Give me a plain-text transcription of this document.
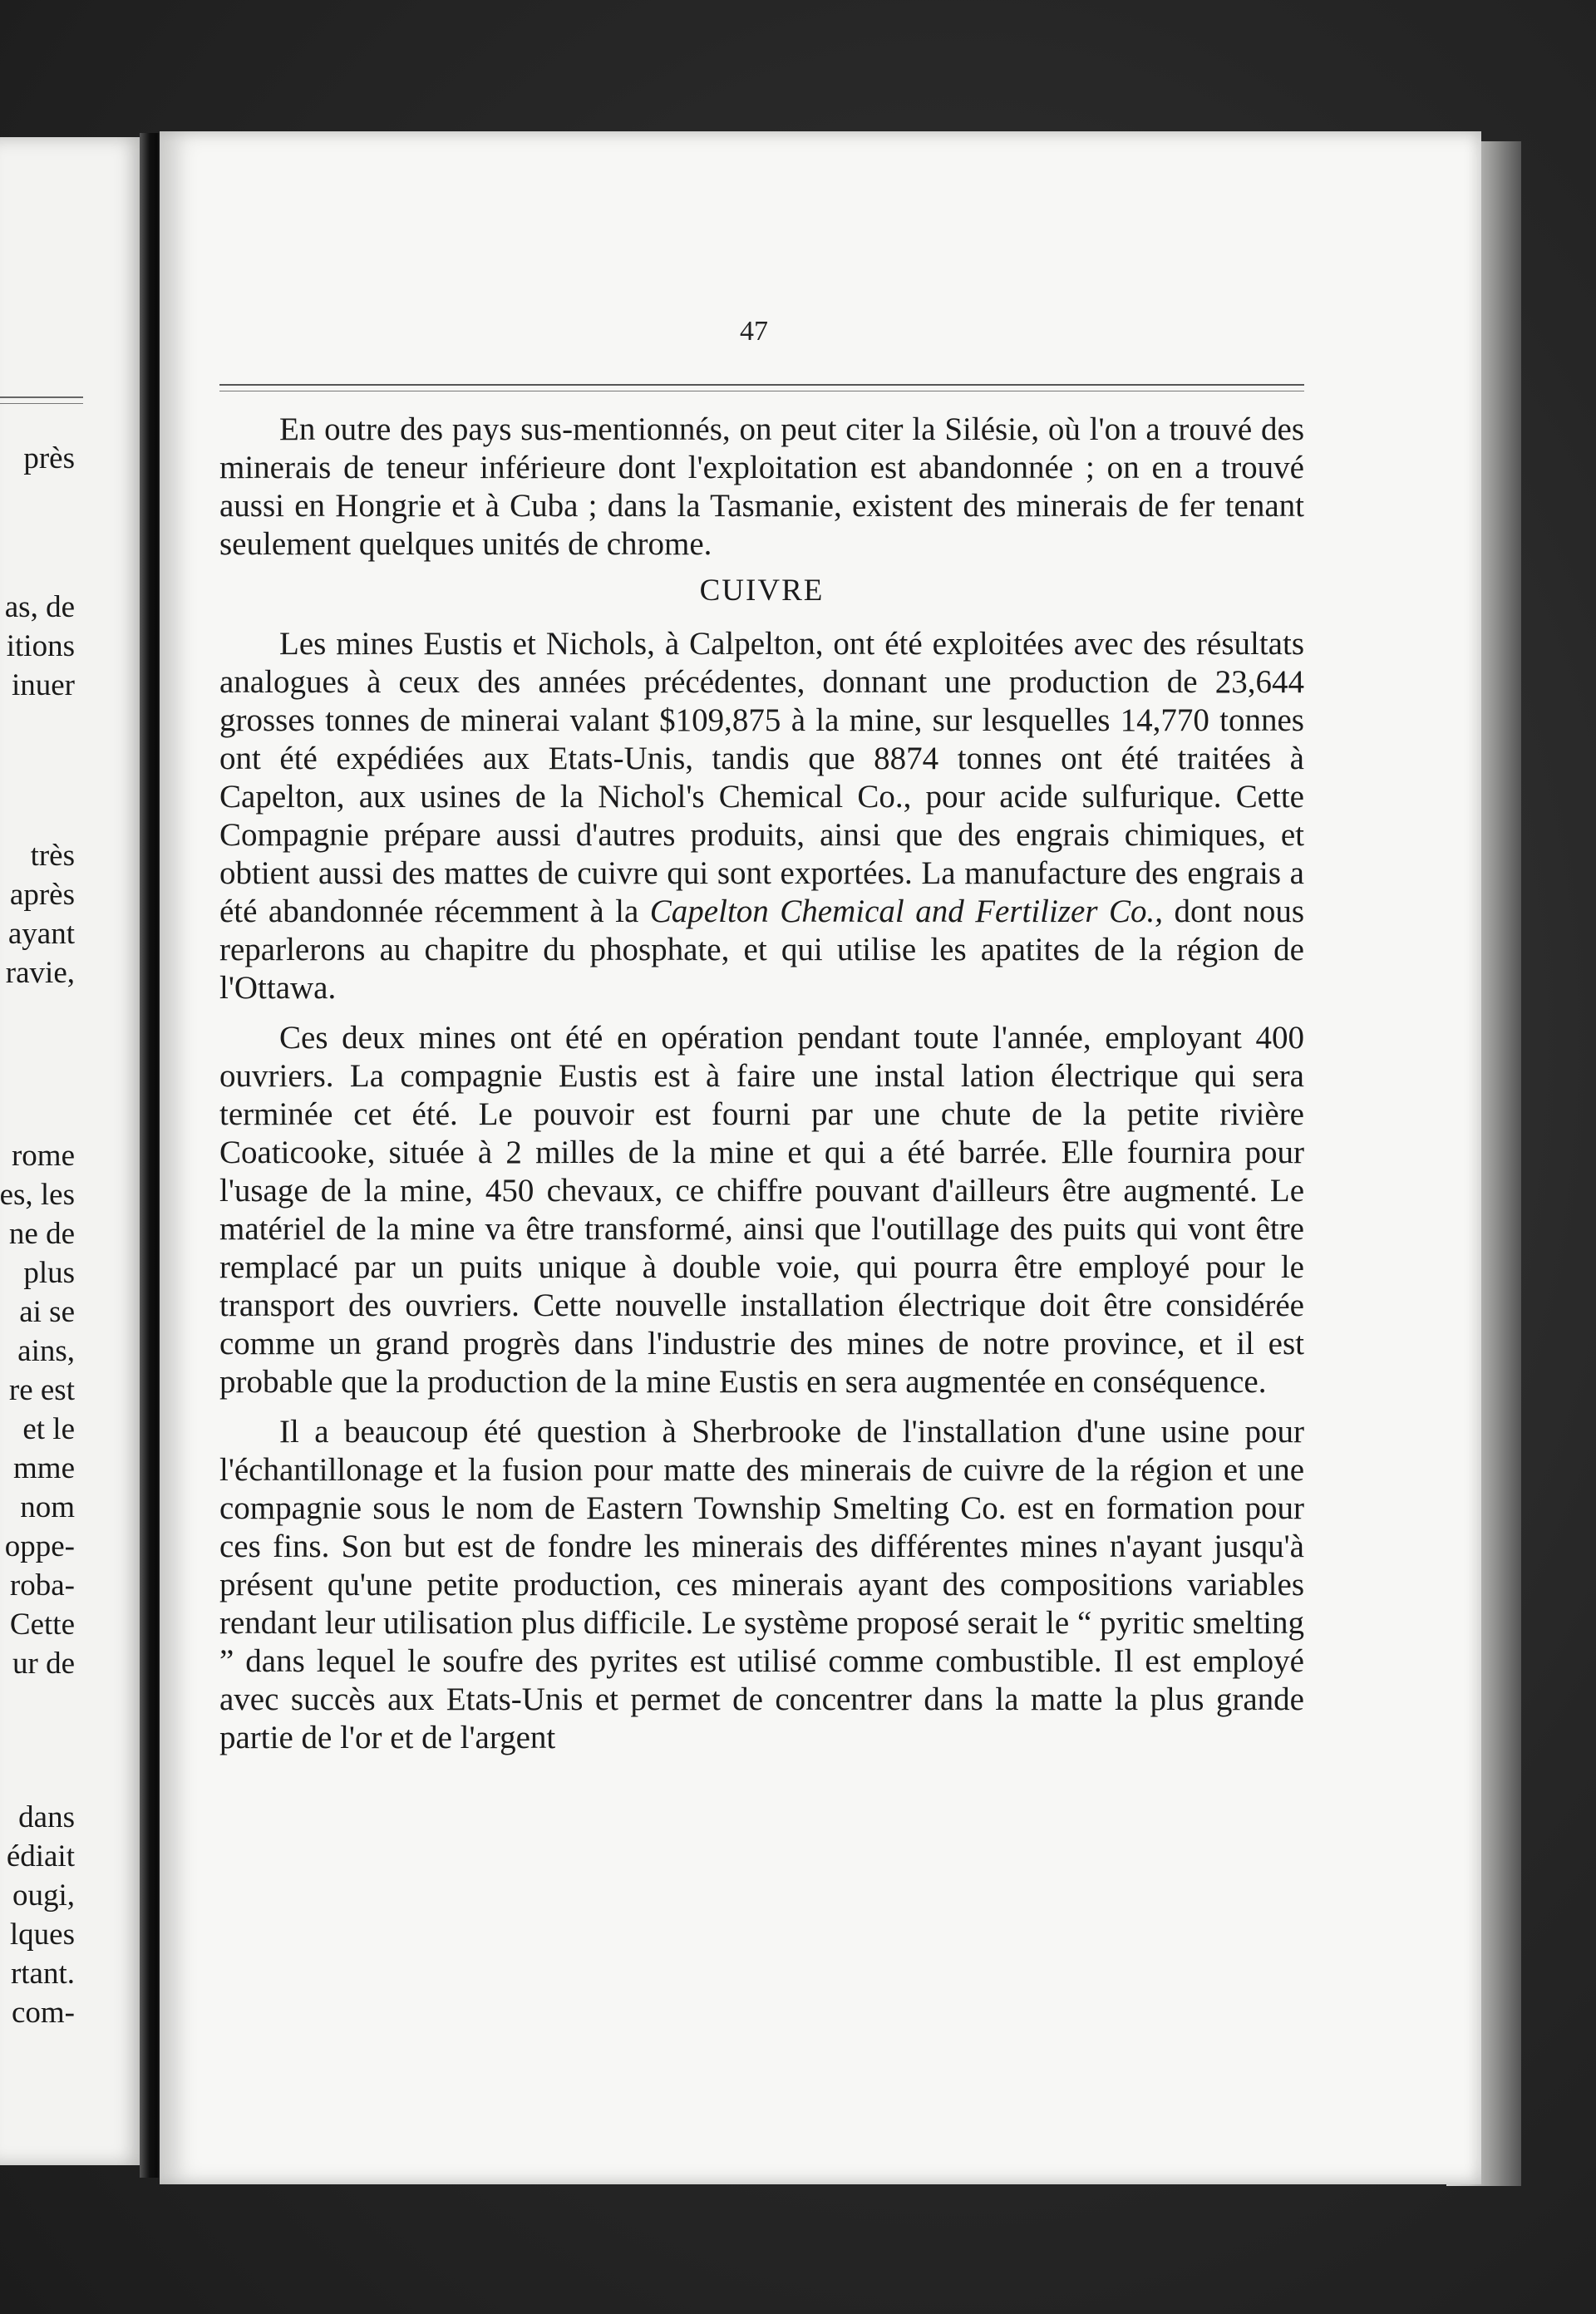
près
as, de
itions
inuer
très
après
ayant
ravie,
rome
es, les
ne de
plus
ai se
ains,
re est
et le
mme
nom
oppe-
roba-
Cette
ur de
dans
édiait
ougi,
lques
rtant.
com-
47

En outre des pays sus-mentionnés, on peut citer la Silésie, où l'on a trouvé des minerais de teneur inférieure dont l'exploitation est abandonnée ; on en a trouvé aussi en Hongrie et à Cuba ; dans la Tasmanie, existent des minerais de fer tenant seulement quelques unités de chrome.

CUIVRE

Les mines Eustis et Nichols, à Calpelton, ont été exploitées avec des résultats analogues à ceux des années précédentes, donnant une production de 23,644 grosses tonnes de minerai valant $109,875 à la mine, sur lesquelles 14,770 tonnes ont été expédiées aux Etats-Unis, tandis que 8874 tonnes ont été traitées à Capelton, aux usines de la Nichol's Chemical Co., pour acide sulfurique. Cette Compagnie prépare aussi d'autres produits, ainsi que des engrais chimiques, et obtient aussi des mattes de cuivre qui sont exportées. La manufacture des engrais a été abandonnée récemment à la Capelton Chemical and Fertilizer Co., dont nous reparlerons au chapitre du phosphate, et qui utilise les apatites de la région de l'Ottawa.

Ces deux mines ont été en opération pendant toute l'année, employant 400 ouvriers. La compagnie Eustis est à faire une instal lation électrique qui sera terminée cet été. Le pouvoir est fourni par une chute de la petite rivière Coaticooke, située à 2 milles de la mine et qui a été barrée. Elle fournira pour l'usage de la mine, 450 chevaux, ce chiffre pouvant d'ailleurs être augmenté. Le matériel de la mine va être transformé, ainsi que l'outillage des puits qui vont être remplacé par un puits unique à double voie, qui pourra être employé pour le transport des ouvriers. Cette nouvelle installation électrique doit être considérée comme un grand progrès dans l'industrie des mines de notre province, et il est probable que la production de la mine Eustis en sera augmentée en conséquence.

Il a beaucoup été question à Sherbrooke de l'installation d'une usine pour l'échantillonage et la fusion pour matte des minerais de cuivre de la région et une compagnie sous le nom de Eastern Township Smelting Co. est en formation pour ces fins. Son but est de fondre les minerais des différentes mines n'ayant jusqu'à présent qu'une petite production, ces minerais ayant des compositions variables rendant leur utilisation plus difficile. Le système proposé serait le “ pyritic smelting ” dans lequel le soufre des pyrites est utilisé comme combustible. Il est employé avec succès aux Etats-Unis et permet de concentrer dans la matte la plus grande partie de l'or et de l'argent
